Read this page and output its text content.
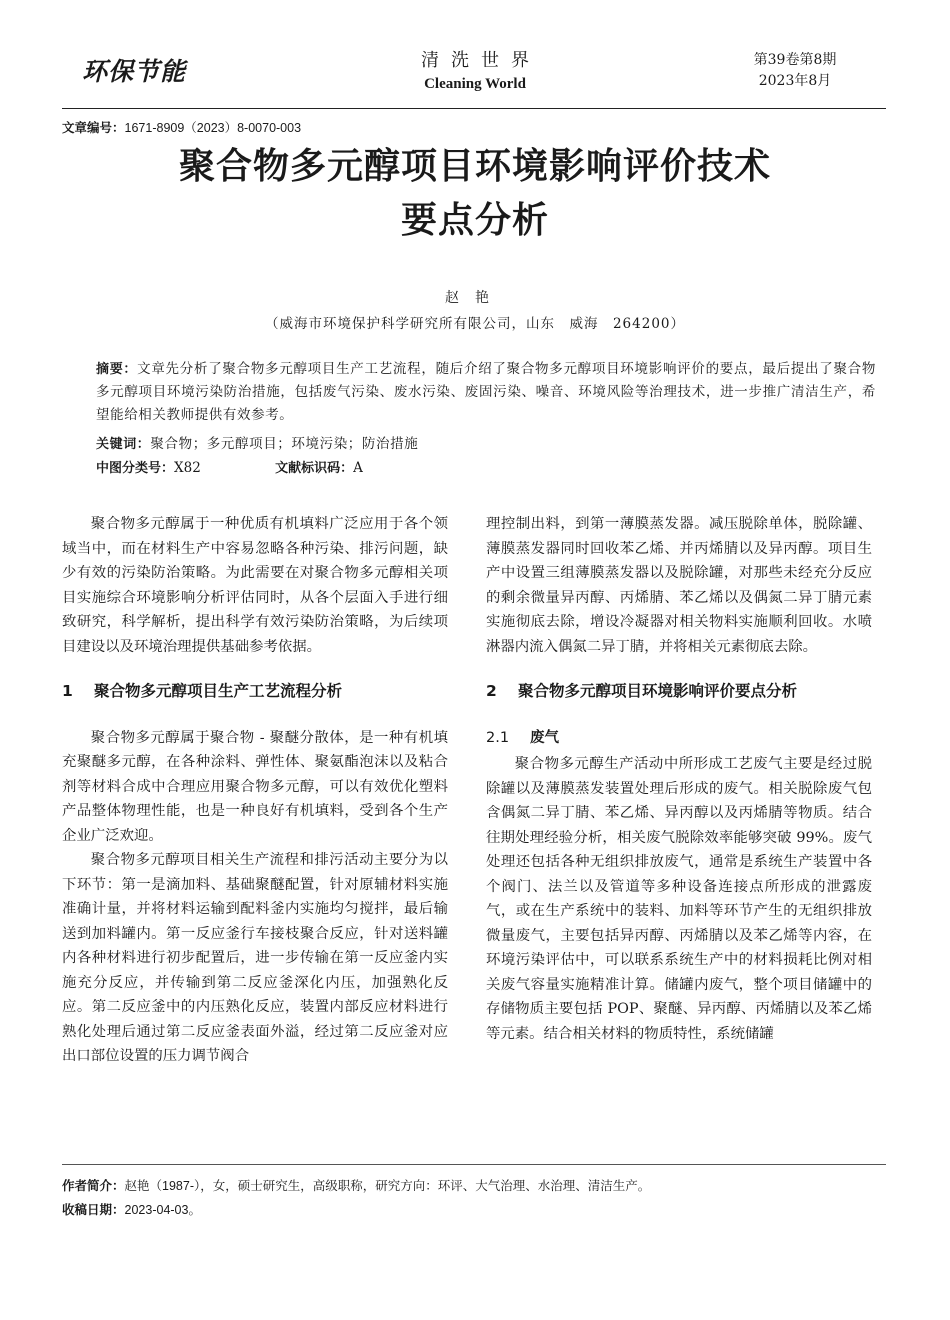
环保节能	清洗世界
Cleaning World
第39卷第8期
2023年8月
文章编号：1671-8909（2023）8-0070-003
聚合物多元醇项目环境影响评价技术
要点分析
赵艳
（威海市环境保护科学研究所有限公司，山东　威海　264200）
摘要：文章先分析了聚合物多元醇项目生产工艺流程，随后介绍了聚合物多元醇项目环境影响评价的要点，最后提出了聚合物多元醇项目环境污染防治措施，包括废气污染、废水污染、废固污染、噪音、环境风险等治理技术，进一步推广清洁生产，希望能给相关教师提供有效参考。
关键词：聚合物；多元醇项目；环境污染；防治措施
中图分类号：X82	文献标识码：A

聚合物多元醇属于一种优质有机填料广泛应用于各个领域当中，而在材料生产中容易忽略各种污染、排污问题，缺少有效的污染防治策略。为此需要在对聚合物多元醇相关项目实施综合环境影响分析评估同时，从各个层面入手进行细致研究，科学解析，提出科学有效污染防治策略，为后续项目建设以及环境治理提供基础参考依据。

1 聚合物多元醇项目生产工艺流程分析

聚合物多元醇属于聚合物 - 聚醚分散体，是一种有机填充聚醚多元醇，在各种涂料、弹性体、聚氨酯泡沫以及粘合剂等材料合成中合理应用聚合物多元醇，可以有效优化塑料产品整体物理性能，也是一种良好有机填料，受到各个生产企业广泛欢迎。

聚合物多元醇项目相关生产流程和排污活动主要分为以下环节：第一是滴加料、基础聚醚配置，针对原辅材料实施准确计量，并将材料运输到配料釜内实施均匀搅拌，最后输送到加料罐内。第一反应釜行车接枝聚合反应，针对送料罐内各种材料进行初步配置后，进一步传输在第一反应釜内实施充分反应，并传输到第二反应釜深化内压，加强熟化反应。第二反应釜中的内压熟化反应，装置内部反应材料进行熟化处理后通过第二反应釜表面外溢，经过第二反应釜对应出口部位设置的压力调节阀合

理控制出料，到第一薄膜蒸发器。减压脱除单体，脱除罐、薄膜蒸发器同时回收苯乙烯、并丙烯腈以及异丙醇。项目生产中设置三组薄膜蒸发器以及脱除罐，对那些未经充分反应的剩余微量异丙醇、丙烯腈、苯乙烯以及偶氮二异丁腈元素实施彻底去除，增设冷凝器对相关物料实施顺利回收。水喷淋器内流入偶氮二异丁腈，并将相关元素彻底去除。

2 聚合物多元醇项目环境影响评价要点分析
2.1 废气

聚合物多元醇生产活动中所形成工艺废气主要是经过脱除罐以及薄膜蒸发装置处理后形成的废气。相关脱除废气包含偶氮二异丁腈、苯乙烯、异丙醇以及丙烯腈等物质。结合往期处理经验分析，相关废气脱除效率能够突破 99%。废气处理还包括各种无组织排放废气，通常是系统生产装置中各个阀门、法兰以及管道等多种设备连接点所形成的泄露废气，或在生产系统中的装料、加料等环节产生的无组织排放微量废气，主要包括异丙醇、丙烯腈以及苯乙烯等内容，在环境污染评估中，可以联系系统生产中的材料损耗比例对相关废气容量实施精准计算。储罐内废气，整个项目储罐中的存储物质主要包括 POP、聚醚、异丙醇、丙烯腈以及苯乙烯等元素。结合相关材料的物质特性，系统储罐

作者简介：赵艳（1987-），女，硕士研究生，高级职称，研究方向：环评、大气治理、水治理、清洁生产。
收稿日期：2023-04-03。
